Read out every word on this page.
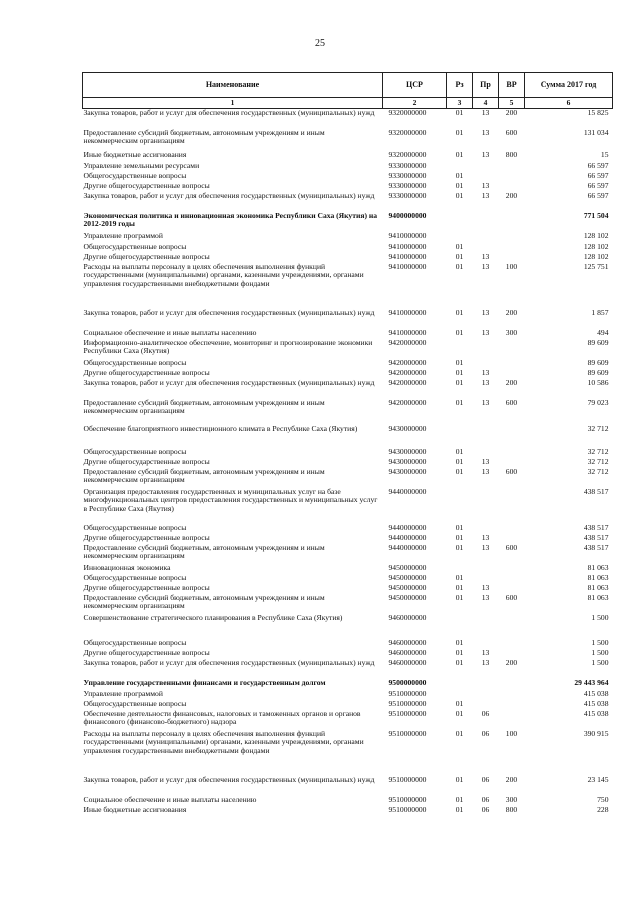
25
Наименование	ЦСР	Рз	Пр	ВР	Сумма 2017 год
1	2	3	4	5	6
Закупка товаров, работ и услуг для обеспечения государственных (муниципальных) нужд	9320000000	01	13	200	15 825
Предоставление субсидий бюджетным, автономным учреждениям и иным некоммерческим организациям	9320000000	01	13	600	131 034
Иные бюджетные ассигнования	9320000000	01	13	800	15
Управление земельными ресурсами	9330000000				66 597
Общегосударственные вопросы	9330000000	01			66 597
Другие общегосударственные вопросы	9330000000	01	13		66 597
Закупка товаров, работ и услуг для обеспечения государственных (муниципальных) нужд	9330000000	01	13	200	66 597
Экономическая политика и инновационная экономика Республики Саха (Якутия) на 2012-2019 годы	9400000000				771 504
Управление программой	9410000000				128 102
Общегосударственные вопросы	9410000000	01			128 102
Другие общегосударственные вопросы	9410000000	01	13		128 102
Расходы на выплаты персоналу в целях обеспечения выполнения функций государственными (муниципальными) органами, казенными учреждениями, органами управления государственными внебюджетными фондами	9410000000	01	13	100	125 751
Закупка товаров, работ и услуг для обеспечения государственных (муниципальных) нужд	9410000000	01	13	200	1 857
Социальное обеспечение и иные выплаты населению	9410000000	01	13	300	494
Информационно-аналитическое обеспечение, мониторинг и прогнозирование экономики Республики Саха (Якутия)	9420000000				89 609
Общегосударственные вопросы	9420000000	01			89 609
Другие общегосударственные вопросы	9420000000	01	13		89 609
Закупка товаров, работ и услуг для обеспечения государственных (муниципальных) нужд	9420000000	01	13	200	10 586
Предоставление субсидий бюджетным, автономным учреждениям и иным некоммерческим организациям	9420000000	01	13	600	79 023
Обеспечение благоприятного инвестиционного климата в Республике Саха (Якутия)	9430000000				32 712
Общегосударственные вопросы	9430000000	01			32 712
Другие общегосударственные вопросы	9430000000	01	13		32 712
Предоставление субсидий бюджетным, автономным учреждениям и иным некоммерческим организациям	9430000000	01	13	600	32 712
Организация предоставления государственных и муниципальных услуг на базе многофункциональных центров предоставления государственных и муниципальных услуг в Республике Саха (Якутия)	9440000000				438 517
Общегосударственные вопросы	9440000000	01			438 517
Другие общегосударственные вопросы	9440000000	01	13		438 517
Предоставление субсидий бюджетным, автономным учреждениям и иным некоммерческим организациям	9440000000	01	13	600	438 517
Инновационная экономика	9450000000				81 063
Общегосударственные вопросы	9450000000	01			81 063
Другие общегосударственные вопросы	9450000000	01	13		81 063
Предоставление субсидий бюджетным, автономным учреждениям и иным некоммерческим организациям	9450000000	01	13	600	81 063
Совершенствование стратегического планирования в Республике Саха (Якутия)	9460000000				1 500
Общегосударственные вопросы	9460000000	01			1 500
Другие общегосударственные вопросы	9460000000	01	13		1 500
Закупка товаров, работ и услуг для обеспечения государственных (муниципальных) нужд	9460000000	01	13	200	1 500
Управление государственными финансами и государственным долгом	9500000000				29 443 964
Управление программой	9510000000				415 038
Общегосударственные вопросы	9510000000	01			415 038
Обеспечение деятельности финансовых, налоговых и таможенных органов и органов финансового (финансово-бюджетного) надзора	9510000000	01	06		415 038
Расходы на выплаты персоналу в целях обеспечения выполнения функций государственными (муниципальными) органами, казенными учреждениями, органами управления государственными внебюджетными фондами	9510000000	01	06	100	390 915
Закупка товаров, работ и услуг для обеспечения государственных (муниципальных) нужд	9510000000	01	06	200	23 145
Социальное обеспечение и иные выплаты населению	9510000000	01	06	300	750
Иные бюджетные ассигнования	9510000000	01	06	800	228
